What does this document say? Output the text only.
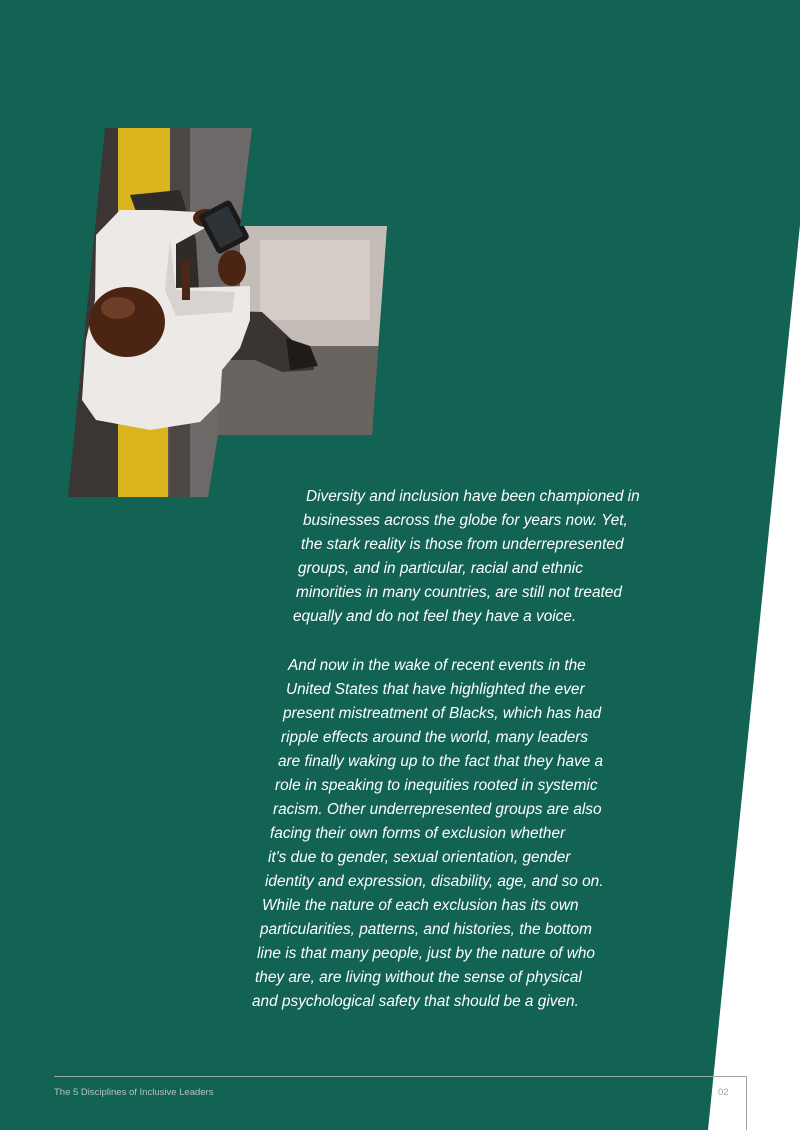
Diversity and inclusion have been championed in
businesses across the globe for years now. Yet,
the stark reality is those from underrepresented
groups, and in particular, racial and ethnic
minorities in many countries, are still not treated
equally and do not feel they have a voice.
And now in the wake of recent events in the
United States that have highlighted the ever
present mistreatment of Blacks, which has had
ripple effects around the world, many leaders
are finally waking up to the fact that they have a
role in speaking to inequities rooted in systemic
racism. Other underrepresented groups are also
facing their own forms of exclusion whether
it's due to gender, sexual orientation, gender
identity and expression, disability, age, and so on.
While the nature of each exclusion has its own
particularities, patterns, and histories, the bottom
line is that many people, just by the nature of who
they are, are living without the sense of physical
and psychological safety that should be a given.
The 5 Disciplines of Inclusive Leaders	02
